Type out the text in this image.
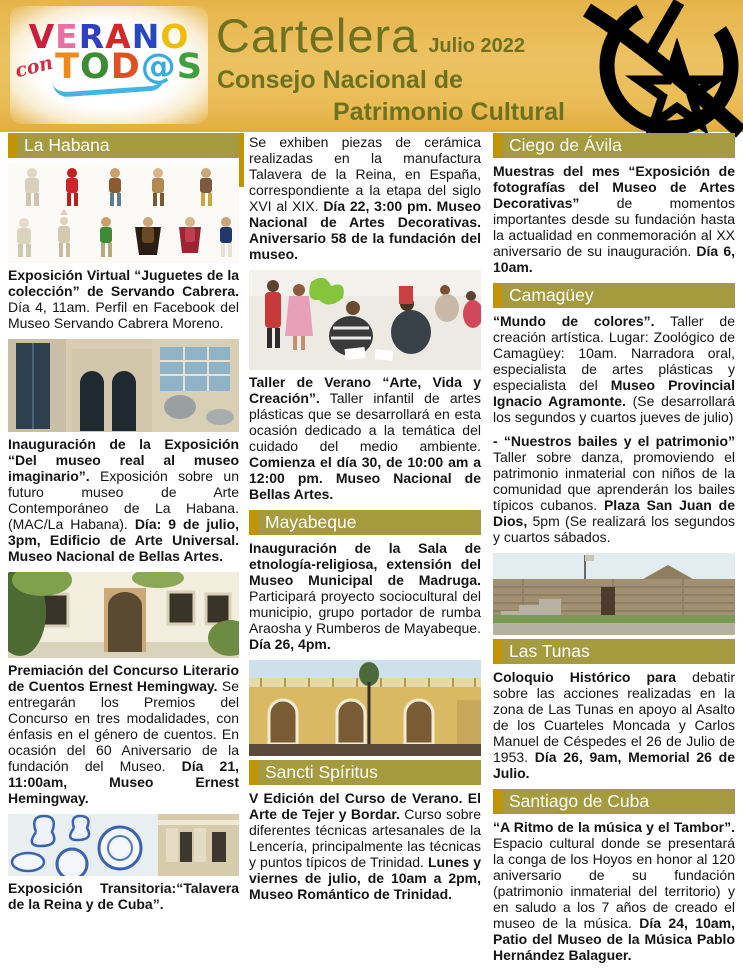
VERANO
con TOD@S
Cartelera Julio 2022
Consejo Nacional de
Patrimonio Cultural
La Habana

Exposición Virtual “Juguetes de la colección” de Servando Cabrera. Día 4, 11am. Perfil en Facebook del Museo Servando Cabrera Moreno.

Inauguración de la Exposición “Del museo real al museo imaginario”. Exposición sobre un futuro museo de Arte Contemporáneo de La Habana. (MAC/La Habana). Día: 9 de julio, 3pm, Edificio de Arte Universal. Museo Nacional de Bellas Artes.

Premiación del Concurso Literario de Cuentos Ernest Hemingway. Se entregarán los Premios del Concurso en tres modalidades, con énfasis en el género de cuentos. En ocasión del 60 Aniversario de la fundación del Museo. Día 21, 11:00am, Museo Ernest Hemingway.

Exposición Transitoria:“Talavera de la Reina y de Cuba”.

Se exhiben piezas de cerámica realizadas en la manufactura Talavera de la Reina, en España, correspondiente a la etapa del siglo XVI al XIX. Día 22, 3:00 pm. Museo Nacional de Artes Decorativas. Aniversario 58 de la fundación del museo.

Taller de Verano “Arte, Vida y Creación”. Taller infantil de artes plásticas que se desarrollará en esta ocasión dedicado a la temática del cuidado del medio ambiente. Comienza el día 30, de 10:00 am a 12:00 pm. Museo Nacional de Bellas Artes.

Mayabeque

Inauguración de la Sala de etnología-religiosa, extensión del Museo Municipal de Madruga. Participará proyecto sociocultural del municipio, grupo portador de rumba Araosha y Rumberos de Mayabeque. Día 26, 4pm.

Sancti Spíritus

V Edición del Curso de Verano. El Arte de Tejer y Bordar. Curso sobre diferentes técnicas artesanales de la Lencería, principalmente las técnicas y puntos típicos de Trinidad. Lunes y viernes de julio, de 10am a 2pm, Museo Romántico de Trinidad.

Ciego de Ávila

Muestras del mes “Exposición de fotografías del Museo de Artes Decorativas” de momentos importantes desde su fundación hasta la actualidad en conmemoración al XX aniversario de su inauguración. Día 6, 10am.

Camagüey

“Mundo de colores”. Taller de creación artística. Lugar: Zoológico de Camagüey: 10am. Narradora oral, especialista de artes plásticas y especialista del Museo Provincial Ignacio Agramonte. (Se desarrollará los segundos y cuartos jueves de julio)

- “Nuestros bailes y el patrimonio” Taller sobre danza, promoviendo el patrimonio inmaterial con niños de la comunidad que aprenderán los bailes típicos cubanos. Plaza San Juan de Dios, 5pm (Se realizará los segundos y cuartos sábados.

Las Tunas

Coloquio Histórico para debatir sobre las acciones realizadas en la zona de Las Tunas en apoyo al Asalto de los Cuarteles Moncada y Carlos Manuel de Céspedes el 26 de Julio de 1953. Día 26, 9am, Memorial 26 de Julio.

Santiago de Cuba

“A Ritmo de la música y el Tambor”. Espacio cultural donde se presentará la conga de los Hoyos en honor al 120 aniversario de su fundación (patrimonio inmaterial del territorio) y en saludo a los 7 años de creado el museo de la música. Día 24, 10am, Patio del Museo de la Música Pablo Hernández Balaguer.
